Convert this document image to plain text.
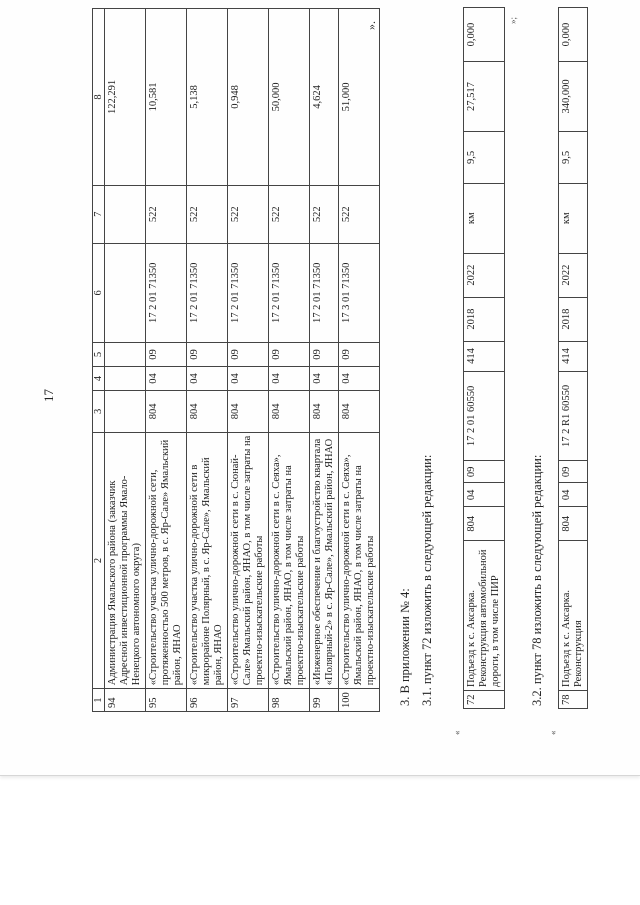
17
1	2	3	4	5	6	7	8
94	Администрация Ямальского района (заказчик Адресной инвестиционной программы Ямало-Ненецкого автономного округа)						122,291
95	«Строительство участка улично-дорожной сети, протяженностью 500 метров, в с. Яр-Сале» Ямальский район, ЯНАО	804	04	09	17 2 01 71350	522	10,581
96	«Строительство участка улично-дорожной сети в микрорайоне Полярный, в с. Яр-Сале», Ямальский район, ЯНАО	804	04	09	17 2 01 71350	522	5,138
97	«Строительство улично-дорожной сети в с. Сюнай-Сале» Ямальский район, ЯНАО, в том числе затраты на проектно-изыскательские работы	804	04	09	17 2 01 71350	522	0,948
98	«Строительство улично-дорожной сети в с. Сеяха», Ямальский район, ЯНАО, в том числе затраты на проектно-изыскательские работы	804	04	09	17 2 01 71350	522	50,000
99	«Инженерное обеспечение и благоустройство квартала «Полярный-2» в с. Яр-Сале», Ямальский район, ЯНАО	804	04	09	17 2 01 71350	522	4,624
100	«Строительство улично-дорожной сети в с. Сеяха», Ямальский район, ЯНАО, в том числе затраты на проектно-изыскательские работы	804	04	09	17 3 01 71350	522	51,000
».
3. В приложении № 4: 3.1. пункт 72 изложить в следующей редакции:
«
72	Подъезд к с. Аксарка. Реконструкция автомобильной дороги, в том числе ПИР	804	04	09	17 2 01 60550	414	2018	2022	км	9,5	27,517	0,000
»;
3.2. пункт 78 изложить в следующей редакции:
«
78	Подъезд к с. Аксарка. Реконструкция	804	04	09	17 2 R1 60550	414	2018	2022	км	9,5	340,000	0,000
